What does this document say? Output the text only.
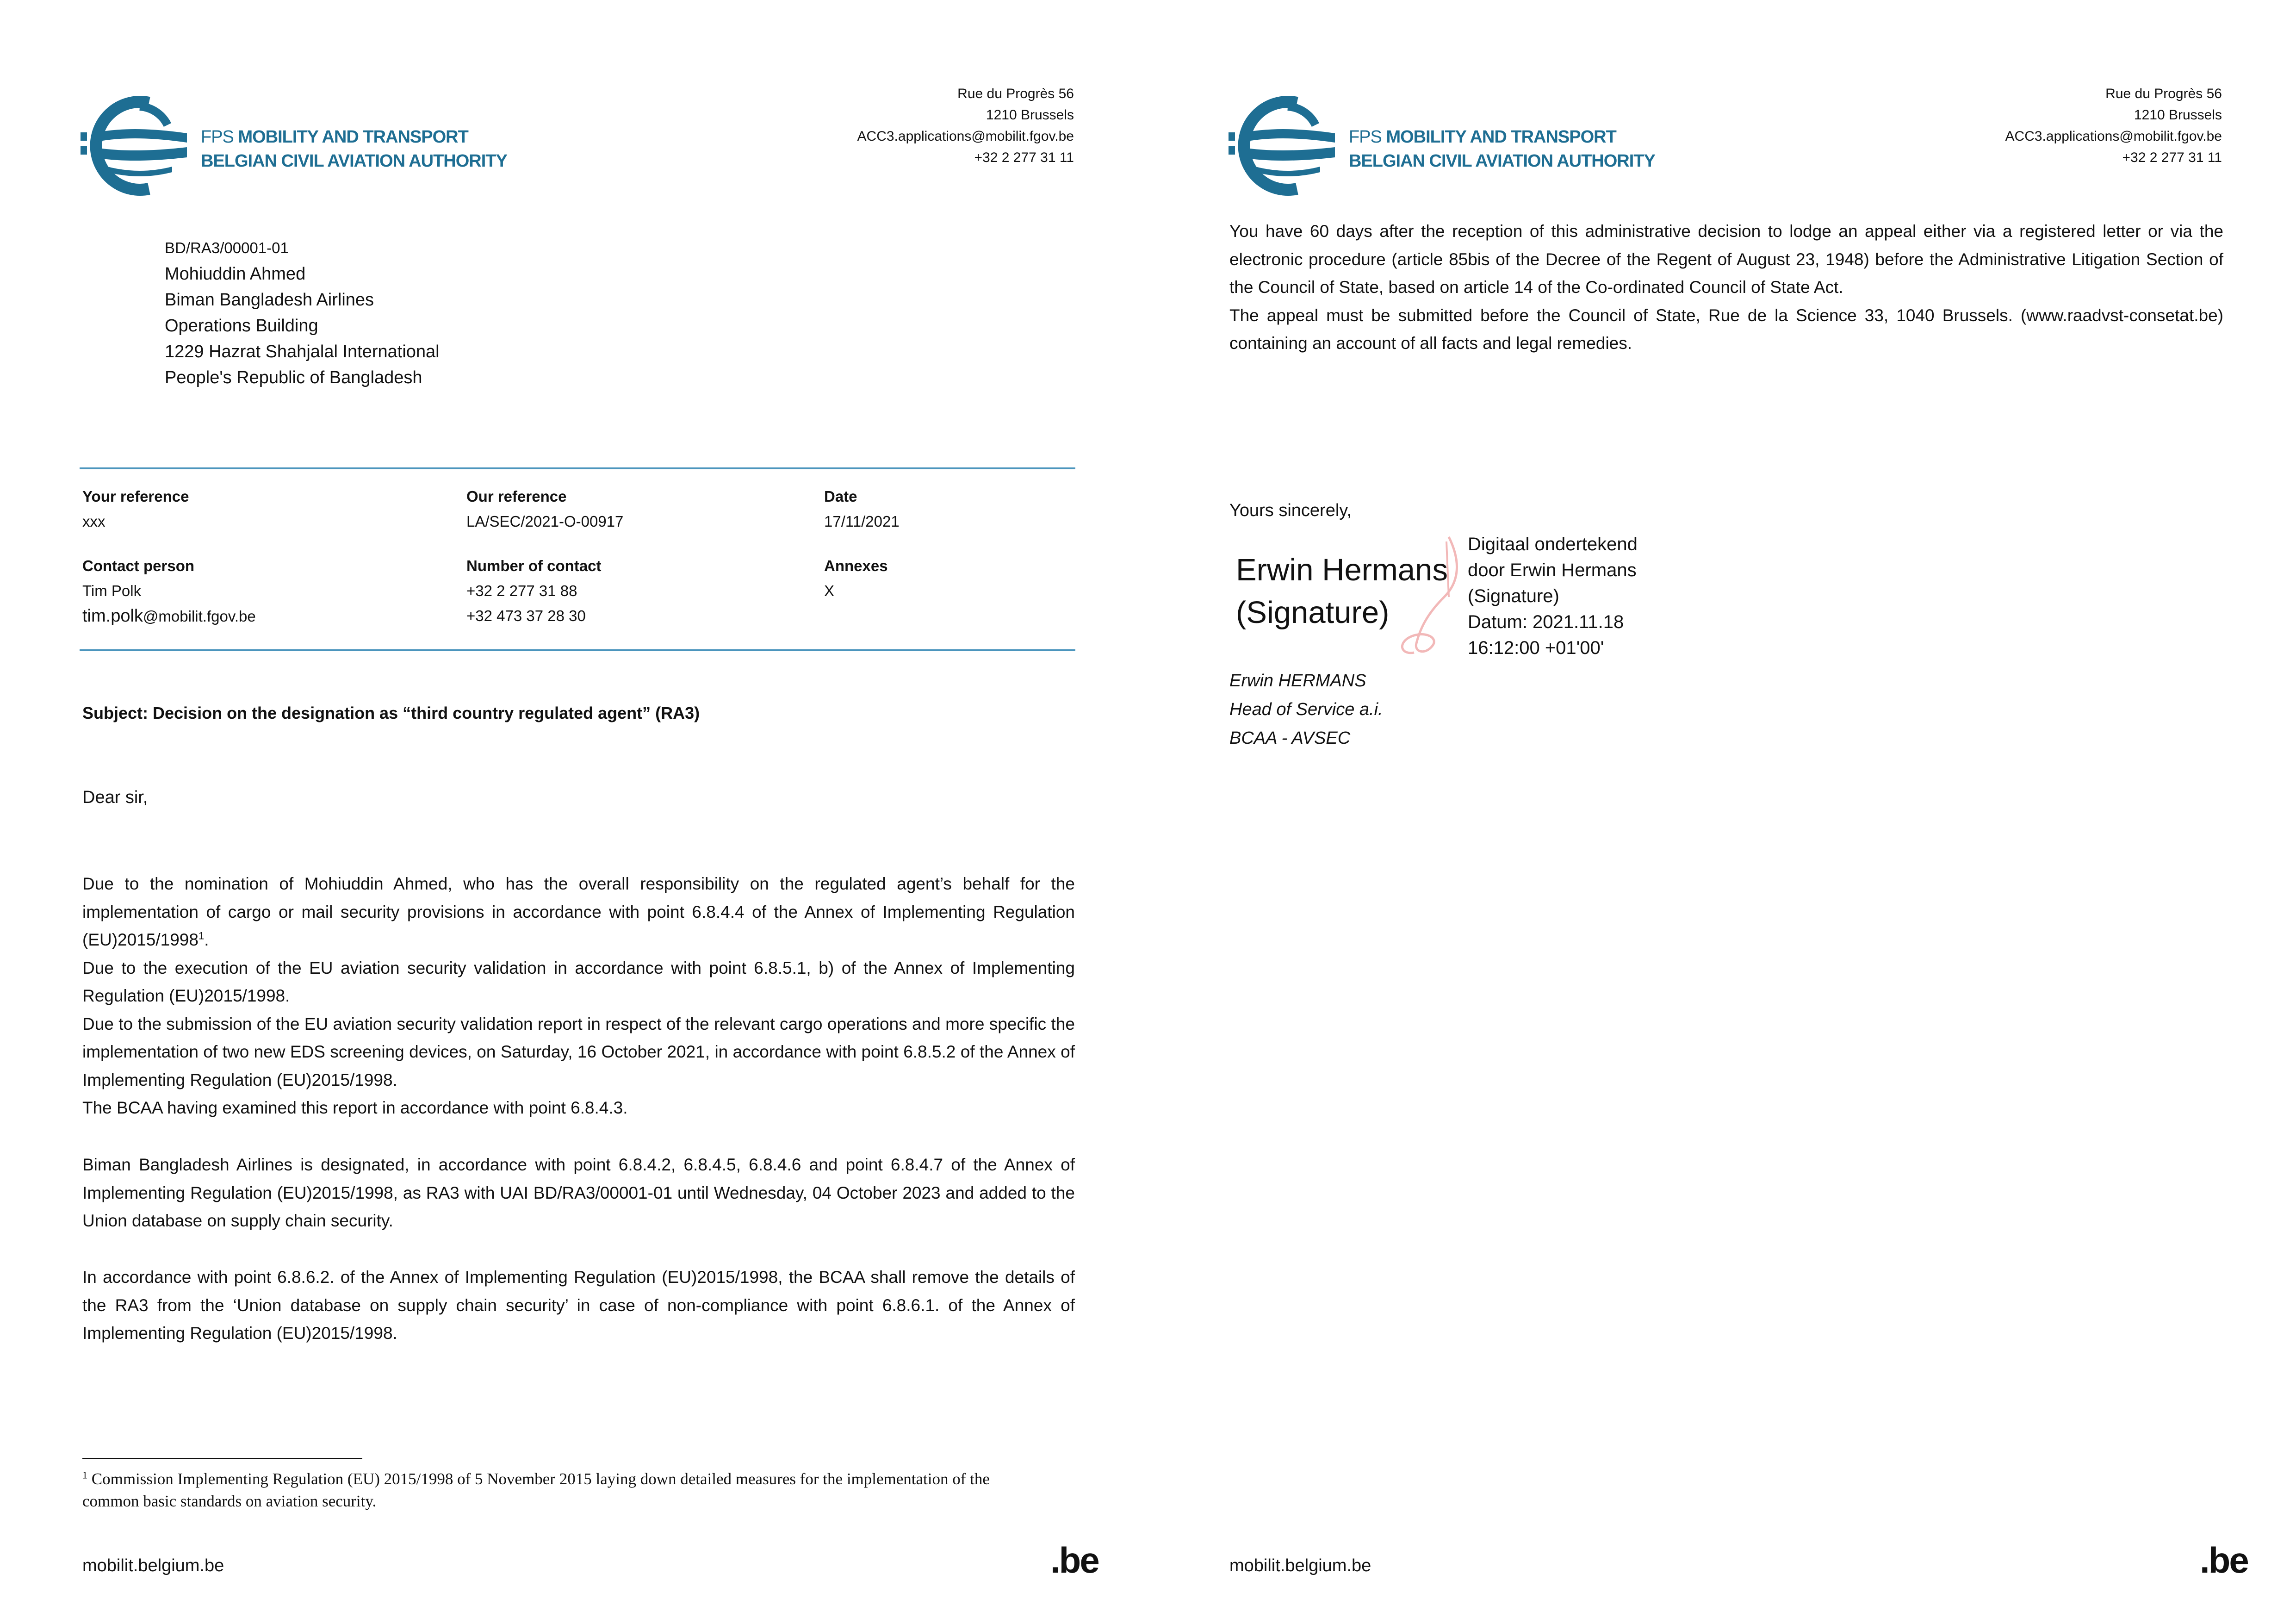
FPS MOBILITY AND TRANSPORT
BELGIAN CIVIL AVIATION AUTHORITY
Rue du Progrès 56
1210 Brussels
ACC3.applications@mobilit.fgov.be
+32 2 277 31 11
BD/RA3/00001-01
Mohiuddin Ahmed
Biman Bangladesh Airlines
Operations Building
1229 Hazrat Shahjalal International
People's Republic of Bangladesh
Your reference
xxx
Our reference
LA/SEC/2021-O-00917
Date
17/11/2021
Contact person
Tim Polk
tim.polk@mobilit.fgov.be
Number of contact
+32 2 277 31 88
+32 473 37 28 30
Annexes
X
Subject: Decision on the designation as “third country regulated agent” (RA3)
Dear sir,

Due to the nomination of Mohiuddin Ahmed, who has the overall responsibility on the regulated agent’s behalf for the implementation of cargo or mail security provisions in accordance with point 6.8.4.4 of the Annex of Implementing Regulation (EU)2015/1998$^1$.

Due to the execution of the EU aviation security validation in accordance with point 6.8.5.1, b) of the Annex of Implementing Regulation (EU)2015/1998.

Due to the submission of the EU aviation security validation report in respect of the relevant cargo operations and more specific the implementation of two new EDS screening devices, on Saturday, 16 October 2021, in accordance with point 6.8.5.2 of the Annex of Implementing Regulation (EU)2015/1998.

The BCAA having examined this report in accordance with point 6.8.4.3.

Biman Bangladesh Airlines is designated, in accordance with point 6.8.4.2, 6.8.4.5, 6.8.4.6 and point 6.8.4.7 of the Annex of Implementing Regulation (EU)2015/1998, as RA3 with UAI BD/RA3/00001-01 until Wednesday, 04 October 2023 and added to the Union database on supply chain security.
In accordance with point 6.8.6.2. of the Annex of Implementing Regulation (EU)2015/1998, the BCAA shall remove the details of the RA3 from the ‘Union database on supply chain security’ in case of non-compliance with point 6.8.6.1. of the Annex of Implementing Regulation (EU)2015/1998.
$^1$ Commission Implementing Regulation (EU) 2015/1998 of 5 November 2015 laying down detailed measures for the implementation of the common basic standards on aviation security.
mobilit.belgium.be	.be
FPS MOBILITY AND TRANSPORT
BELGIAN CIVIL AVIATION AUTHORITY
Rue du Progrès 56
1210 Brussels
ACC3.applications@mobilit.fgov.be
+32 2 277 31 11

You have 60 days after the reception of this administrative decision to lodge an appeal either via a registered letter or via the electronic procedure (article 85bis of the Decree of the Regent of August 23, 1948) before the Administrative Litigation Section of the Council of State, based on article 14 of the Co-ordinated Council of State Act.

The appeal must be submitted before the Council of State, Rue de la Science 33, 1040 Brussels. (www.raadvst-consetat.be) containing an account of all facts and legal remedies.

Yours sincerely,
Erwin Hermans
(Signature)
Digitaal ondertekend
door Erwin Hermans
(Signature)
Datum: 2021.11.18
16:12:00 +01'00'
Erwin HERMANS
Head of Service a.i.
BCAA - AVSEC
mobilit.belgium.be	.be
